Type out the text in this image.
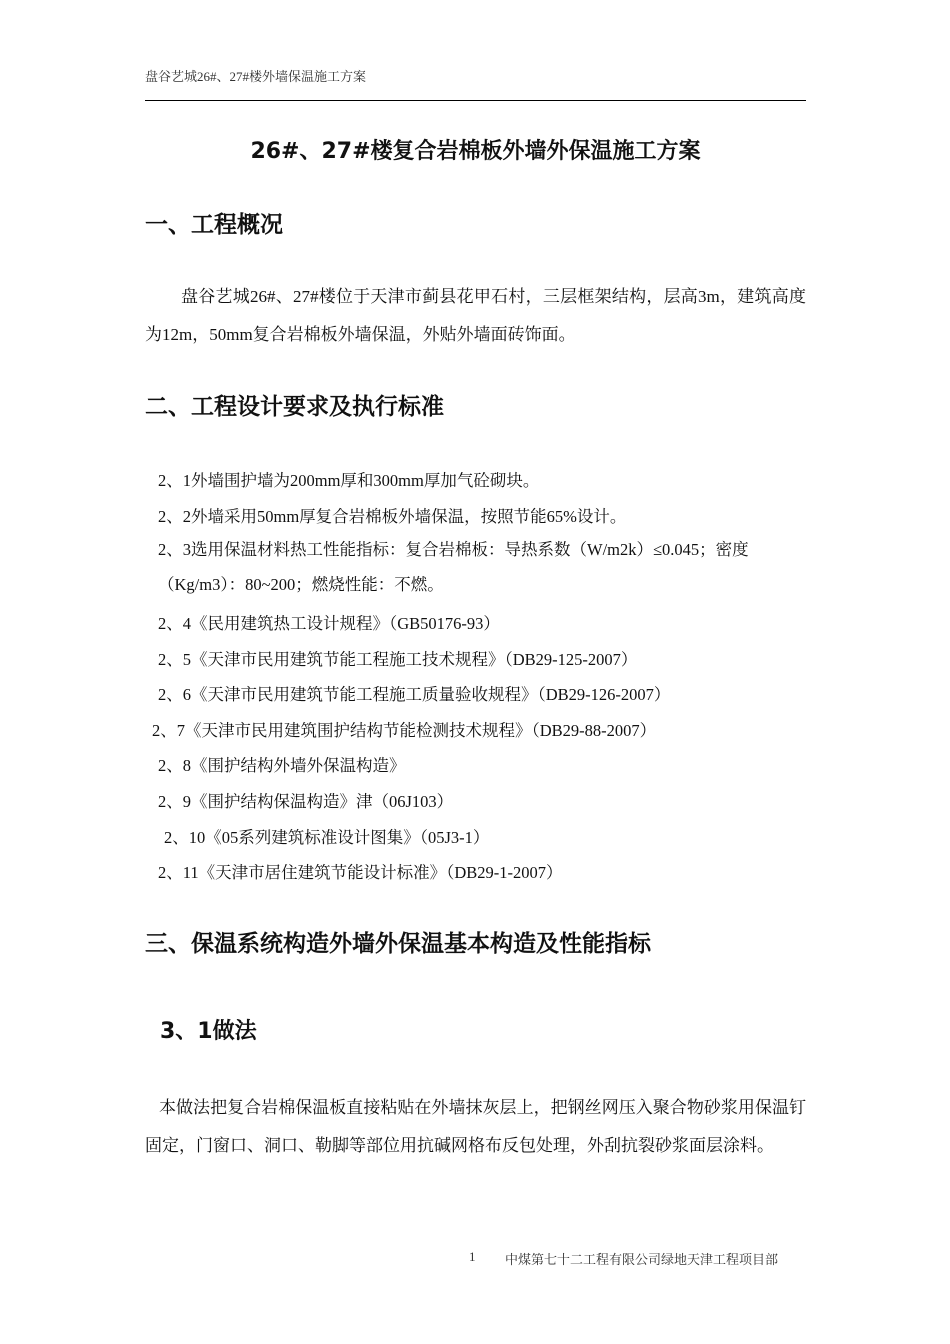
盘谷艺城26#、27#楼外墙保温施工方案
26#、27#楼复合岩棉板外墙外保温施工方案
一、工程概况
盘谷艺城26#、27#楼位于天津市蓟县花甲石村，三层框架结构，层高3m，建筑高度为12m，50mm复合岩棉板外墙保温，外贴外墙面砖饰面。
二、工程设计要求及执行标准
2、1外墙围护墙为200mm厚和300mm厚加气砼砌块。
2、2外墙采用50mm厚复合岩棉板外墙保温，按照节能65%设计。
2、3选用保温材料热工性能指标：复合岩棉板：导热系数（W/m2k）≤0.045；密度（Kg/m3）：80~200；燃烧性能：不燃。
2、4《民用建筑热工设计规程》（GB50176-93）
2、5《天津市民用建筑节能工程施工技术规程》（DB29-125-2007）
2、6《天津市民用建筑节能工程施工质量验收规程》（DB29-126-2007）
2、7《天津市民用建筑围护结构节能检测技术规程》（DB29-88-2007）
2、8《围护结构外墙外保温构造》
2、9《围护结构保温构造》津（06J103）
2、10《05系列建筑标准设计图集》（05J3-1）
2、11《天津市居住建筑节能设计标准》（DB29-1-2007）
三、保温系统构造外墙外保温基本构造及性能指标
3、1做法
本做法把复合岩棉保温板直接粘贴在外墙抹灰层上，把钢丝网压入聚合物砂浆用保温钉固定，门窗口、洞口、勒脚等部位用抗碱网格布反包处理，外刮抗裂砂浆面层涂料。
1 中煤第七十二工程有限公司绿地天津工程项目部
